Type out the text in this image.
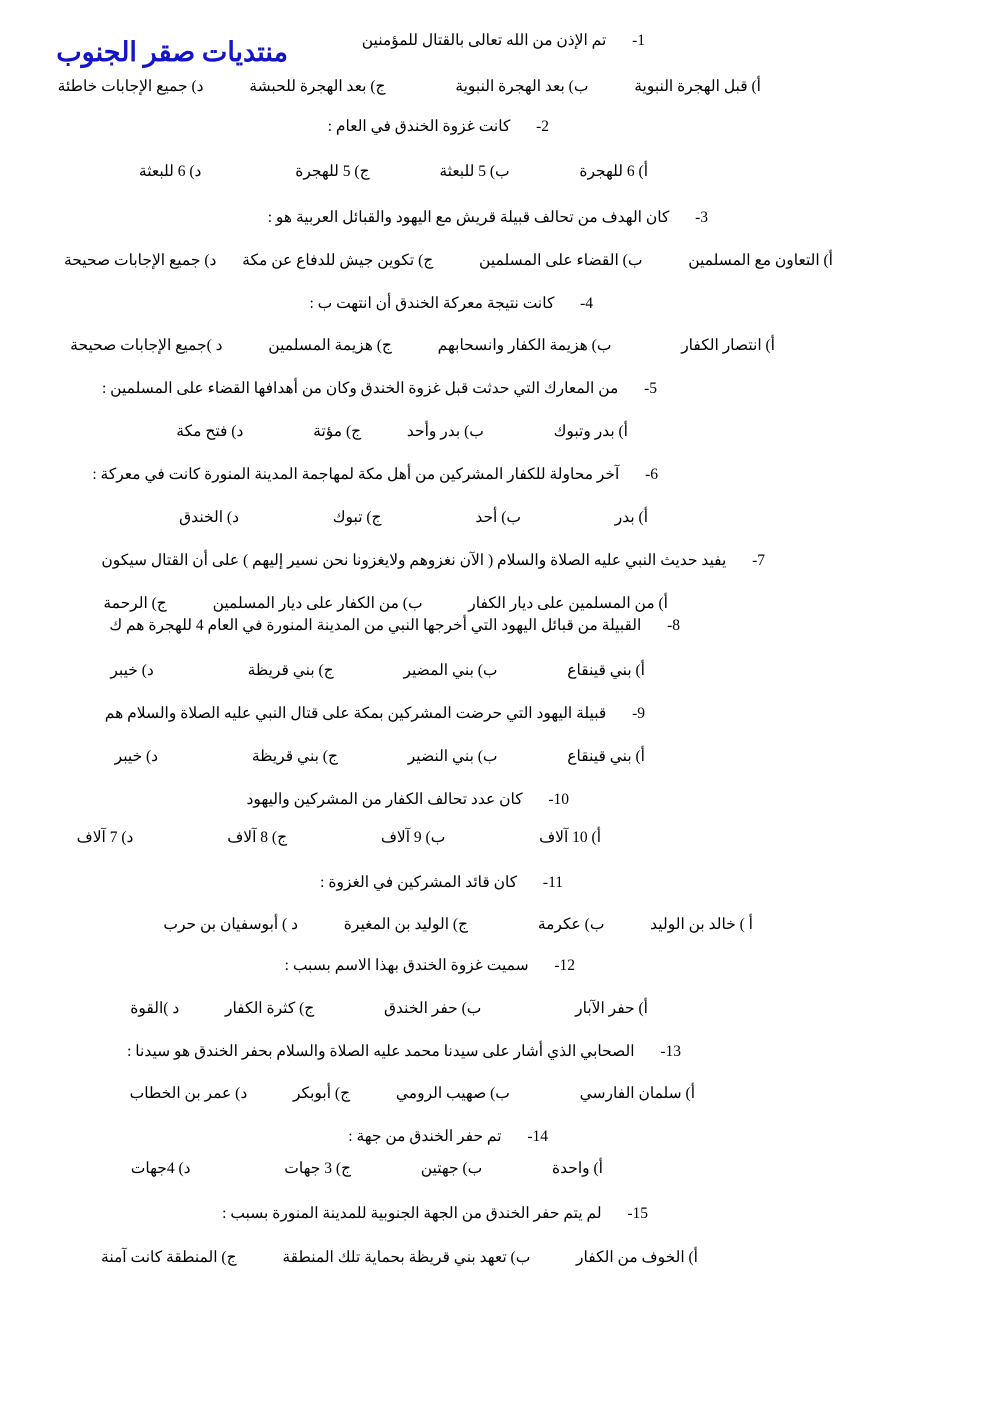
منتديات صقر الجنوب	1-  تم الإذن من الله تعالى بالقتال للمؤمنين
أ) قبل الهجرة النبوية  ب) بعد الهجرة النبوية  ج) بعد الهجرة للحبشة  د) جميع الإجابات خاطئة
2-  كانت غزوة الخندق في العام :
أ) 6 للهجرة  ب) 5 للبعثة  ج) 5 للهجرة  د) 6 للبعثة
3-  كان الهدف من تحالف قبيلة قريش مع اليهود والقبائل العربية هو :
أ) التعاون مع المسلمين  ب) القضاء على المسلمين  ج) تكوين جيش للدفاع عن مكة  د) جميع الإجابات صحيحة
4-  كانت نتيجة معركة الخندق أن انتهت ب :
أ) انتصار الكفار  ب) هزيمة الكفار وانسحابهم  ج) هزيمة المسلمين  د )جميع الإجابات صحيحة
5-  من المعارك التي حدثت قبل غزوة الخندق وكان من أهدافها القضاء على المسلمين :
أ) بدر وتبوك  ب) بدر وأحد  ج) مؤتة  د) فتح مكة
6-  آخر محاولة للكفار المشركين من أهل مكة لمهاجمة المدينة المنورة كانت في معركة :
أ) بدر  ب) أحد  ج) تبوك  د) الخندق
7-  يفيد حديث النبي عليه الصلاة والسلام ( الآن نغزوهم ولايغزونا نحن نسير إليهم ) على أن القتال سيكون
أ) من المسلمين على ديار الكفار  ب) من الكفار على ديار المسلمين  ج) الرحمة
8-  القبيلة من قبائل اليهود التي أخرجها النبي من المدينة المنورة في العام 4 للهجرة هم ك
أ) بني قينقاع  ب) بني المضير  ج) بني قريظة  د) خيبر
9-  قبيلة اليهود التي حرضت المشركين بمكة على قتال النبي عليه الصلاة والسلام هم
أ) بني قينقاع  ب) بني النضير  ج) بني قريظة  د) خيبر
10-  كان عدد تحالف الكفار من المشركين واليهود
أ) 10 آلاف  ب) 9 آلاف  ج) 8 آلاف  د) 7 آلاف
11-  كان قائد المشركين في الغزوة :
أ ) خالد بن الوليد  ب) عكرمة  ج) الوليد بن المغيرة  د ) أبوسفيان بن حرب
12-  سميت غزوة الخندق بهذا الاسم بسبب :
أ) حفر الآبار  ب) حفر الخندق  ج) كثرة الكفار  د )القوة
13-  الصحابي الذي أشار على سيدنا محمد عليه الصلاة والسلام بحفر الخندق هو سيدنا :
أ) سلمان الفارسي  ب) صهيب الرومي  ج) أبوبكر  د) عمر بن الخطاب
14-  تم حفر الخندق من جهة :
أ) واحدة  ب) جهتين  ج) 3 جهات  د) 4جهات
15-  لم يتم حفر الخندق من الجهة الجنوبية للمدينة المنورة بسبب :
أ) الخوف من الكفار  ب) تعهد بني قريظة بحماية تلك المنطقة  ج) المنطقة كانت آمنة
